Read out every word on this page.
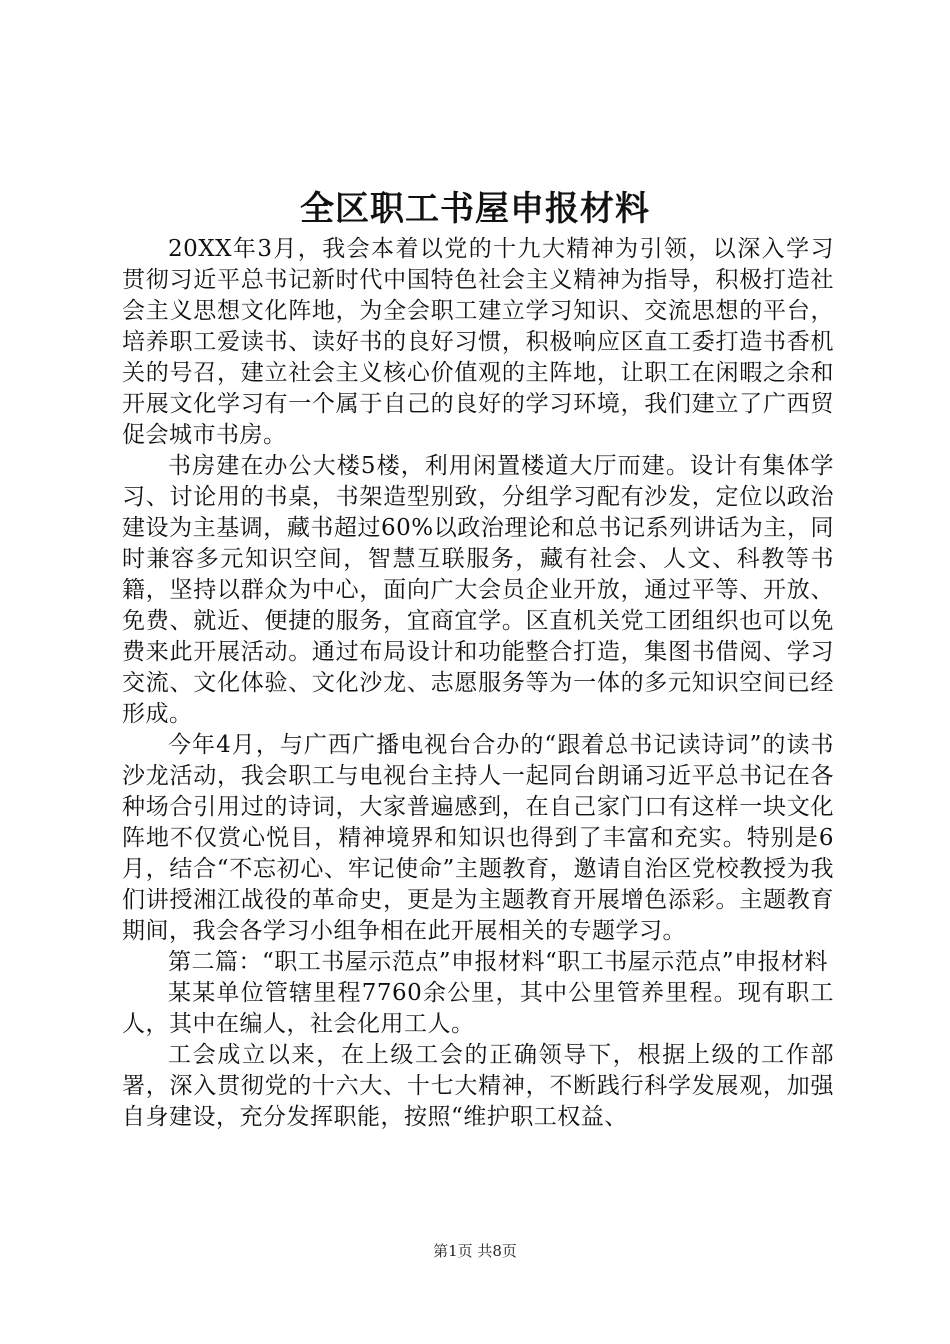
全区职工书屋申报材料

20XX年3月，我会本着以党的十九大精神为引领，以深入学习贯彻习近平总书记新时代中国特色社会主义精神为指导，积极打造社会主义思想文化阵地，为全会职工建立学习知识、交流思想的平台，培养职工爱读书、读好书的良好习惯，积极响应区直工委打造书香机关的号召，建立社会主义核心价值观的主阵地，让职工在闲暇之余和开展文化学习有一个属于自己的良好的学习环境，我们建立了广西贸促会城市书房。

书房建在办公大楼5楼，利用闲置楼道大厅而建。设计有集体学习、讨论用的书桌，书架造型别致，分组学习配有沙发，定位以政治建设为主基调，藏书超过60%以政治理论和总书记系列讲话为主，同时兼容多元知识空间，智慧互联服务，藏有社会、人文、科教等书籍，坚持以群众为中心，面向广大会员企业开放，通过平等、开放、免费、就近、便捷的服务，宜商宜学。区直机关党工团组织也可以免费来此开展活动。通过布局设计和功能整合打造，集图书借阅、学习交流、文化体验、文化沙龙、志愿服务等为一体的多元知识空间已经形成。

今年4月，与广西广播电视台合办的“跟着总书记读诗词”的读书沙龙活动，我会职工与电视台主持人一起同台朗诵习近平总书记在各种场合引用过的诗词，大家普遍感到，在自己家门口有这样一块文化阵地不仅赏心悦目，精神境界和知识也得到了丰富和充实。特别是6月，结合“不忘初心、牢记使命”主题教育，邀请自治区党校教授为我们讲授湘江战役的革命史，更是为主题教育开展增色添彩。主题教育期间，我会各学习小组争相在此开展相关的专题学习。

第二篇：“职工书屋示范点”申报材料“职工书屋示范点”申报材料

某某单位管辖里程7760余公里，其中公里管养里程。现有职工人，其中在编人，社会化用工人。

工会成立以来，在上级工会的正确领导下，根据上级的工作部署，深入贯彻党的十六大、十七大精神，不断践行科学发展观，加强自身建设，充分发挥职能，按照“维护职工权益、

第1页 共8页
